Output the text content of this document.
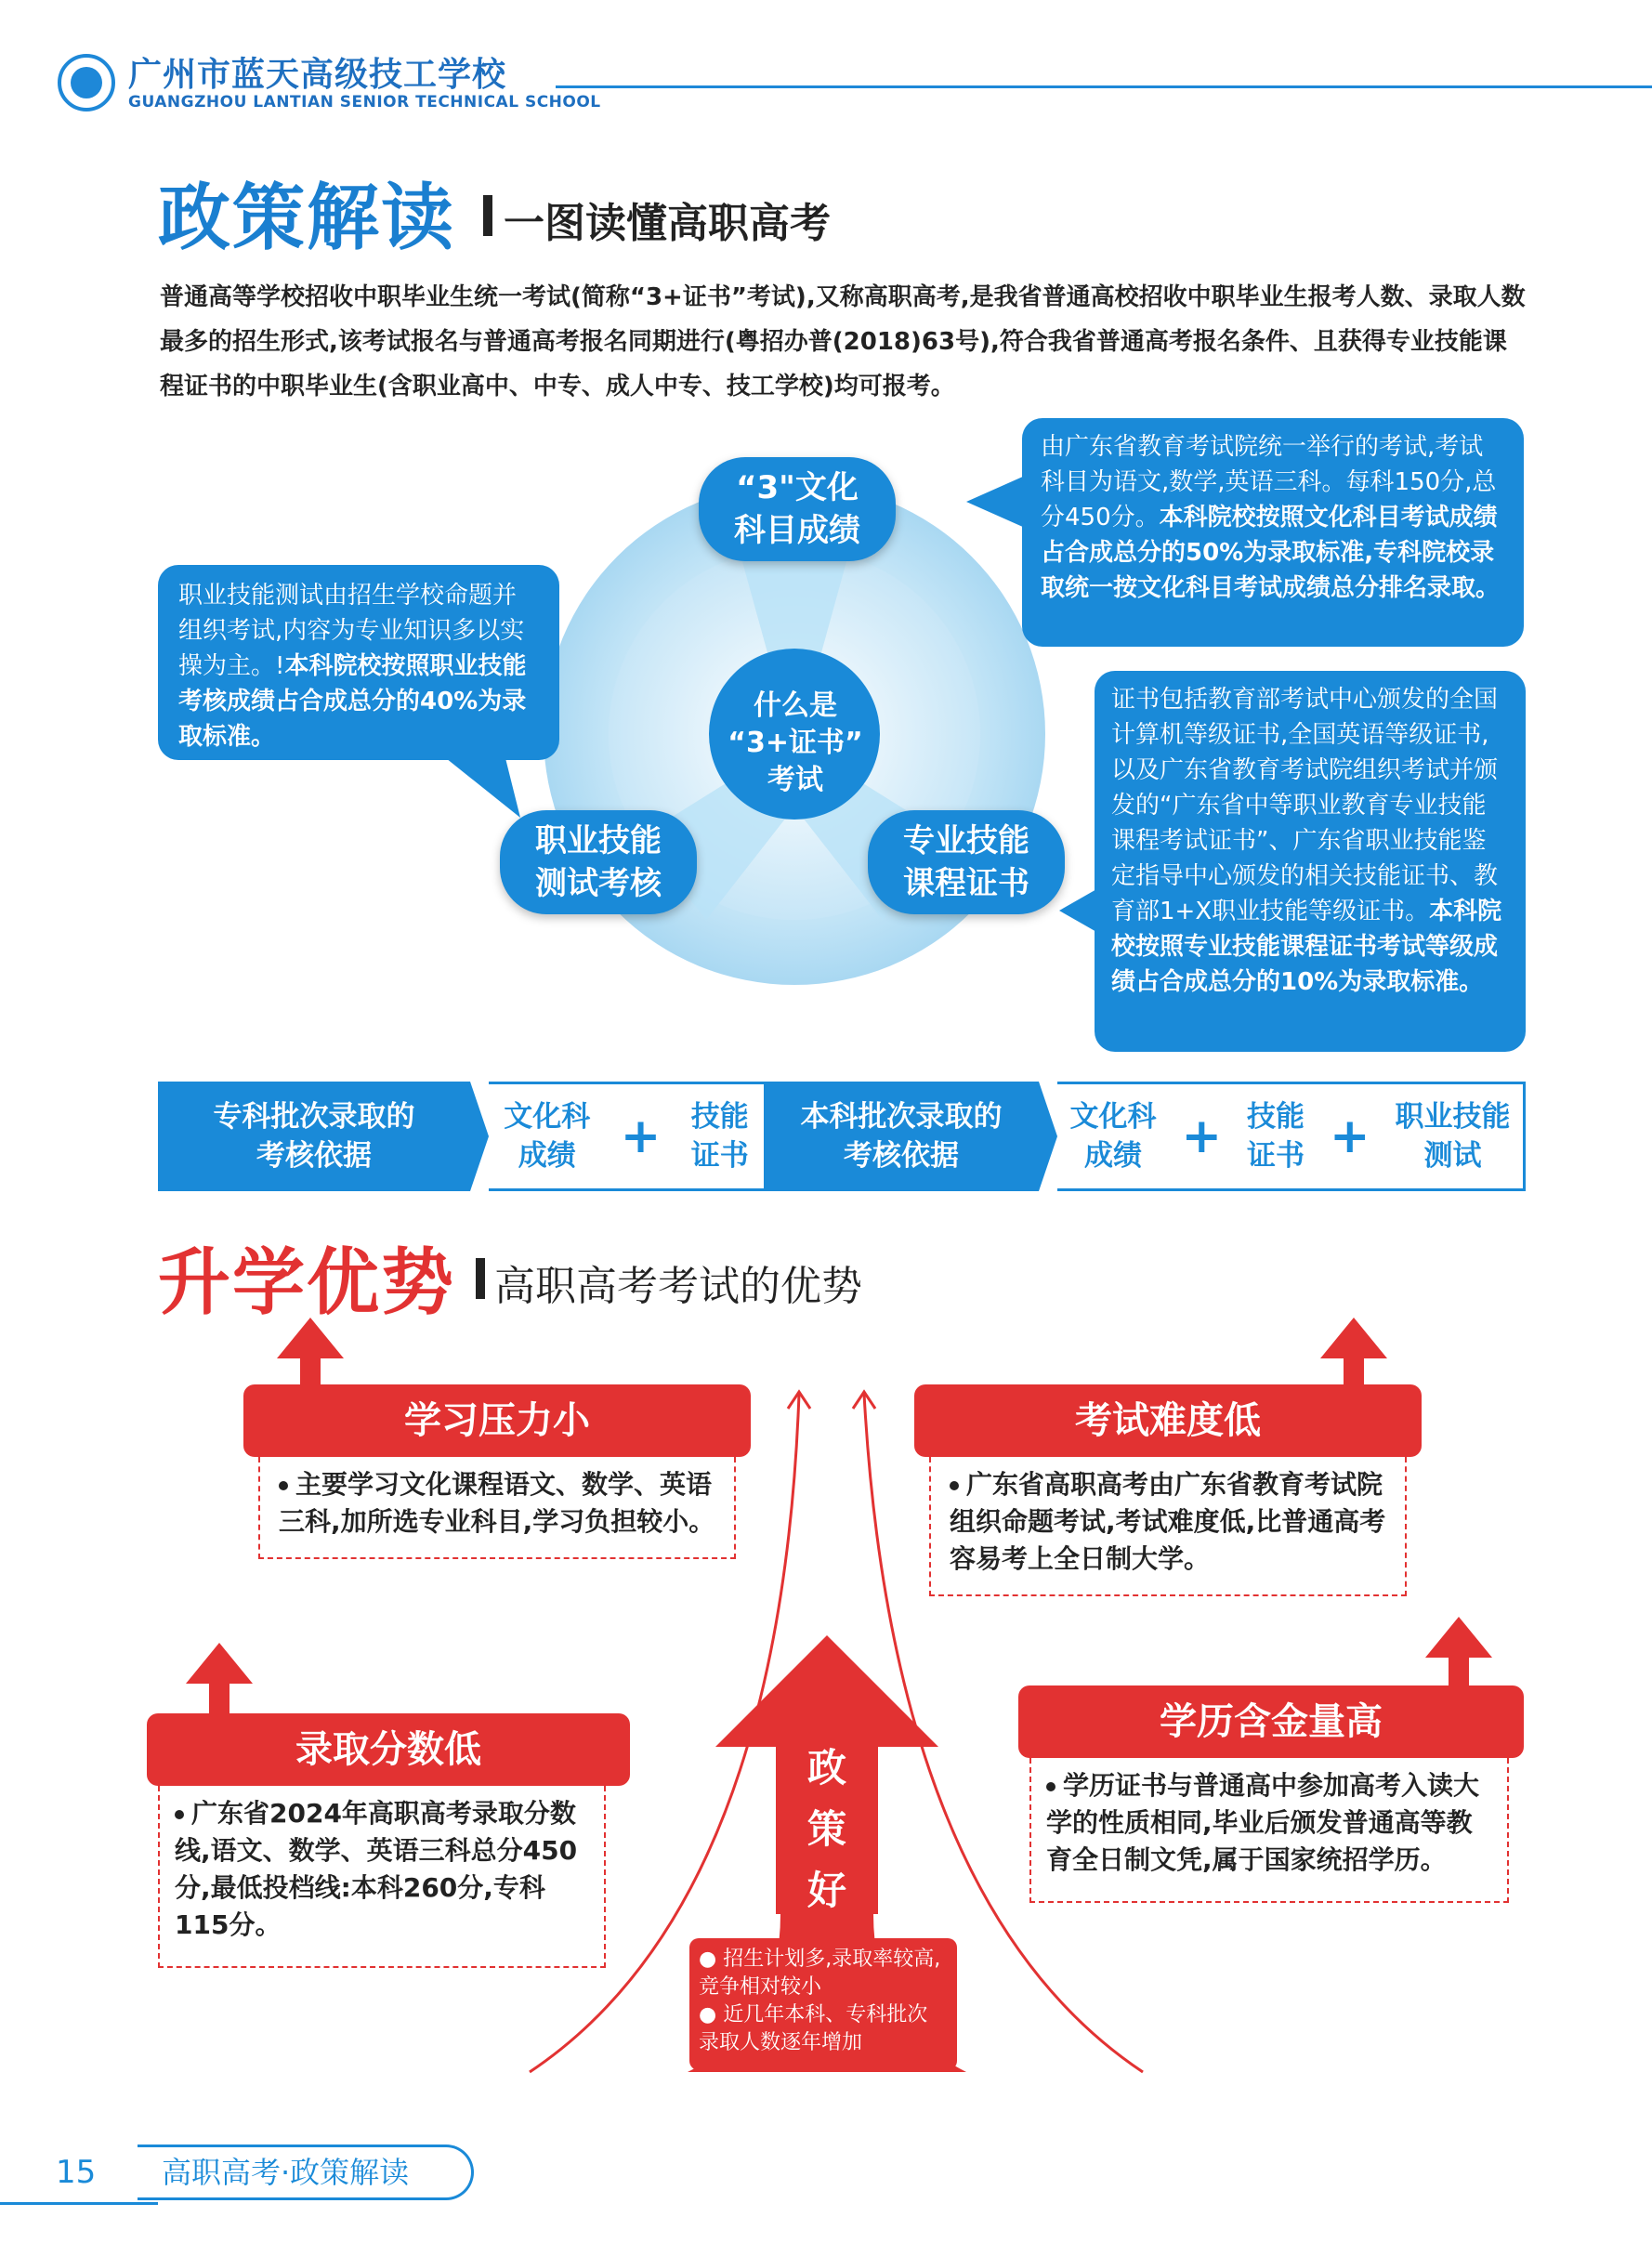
广州市蓝天高级技工学校
GUANGZHOU LANTIAN SENIOR TECHNICAL SCHOOL
政策解读 一图读懂高职高考
普通高等学校招收中职毕业生统一考试(简称“3+证书”考试),又称高职高考,是我省普通高校招收中职毕业生报考人数、录取人数最多的招生形式,该考试报名与普通高考报名同期进行(粤招办普(2018)63号),符合我省普通高考报名条件、且获得专业技能课程证书的中职毕业生(含职业高中、中专、成人中专、技工学校)均可报考。
什么是
“3+证书”
考试
“3"文化
科目成绩
职业技能
测试考核
专业技能
课程证书
由广东省教育考试院统一举行的考试,考试科目为语文,数学,英语三科。每科150分,总分450分。本科院校按照文化科目考试成绩占合成总分的50%为录取标准,专科院校录取统一按文化科目考试成绩总分排名录取。
职业技能测试由招生学校命题并组织考试,内容为专业知识多以实操为主。!本科院校按照职业技能考核成绩占合成总分的40%为录取标准。
证书包括教育部考试中心颁发的全国计算机等级证书,全国英语等级证书,以及广东省教育考试院组织考试并颁发的“广东省中等职业教育专业技能课程考试证书”、广东省职业技能鉴定指导中心颁发的相关技能证书、教育部1+X职业技能等级证书。本科院校按照专业技能课程证书考试等级成绩占合成总分的10%为录取标准。
专科批次录取的
考核依据
文化科
成绩 + 技能
证书
本科批次录取的
考核依据
文化科
成绩 + 技能
证书 + 职业技能
测试
升学优势 高职高考考试的优势
政
策
好
● 招生计划多,录取率较高,竞争相对较小
● 近几年本科、专科批次录取人数逐年增加
学习压力小
主要学习文化课程语文、数学、英语三科,加所选专业科目,学习负担较小。
考试难度低
广东省高职高考由广东省教育考试院组织命题考试,考试难度低,比普通高考容易考上全日制大学。
录取分数低
广东省2024年高职高考录取分数线,语文、数学、英语三科总分450分,最低投档线:本科260分,专科115分。
学历含金量高
学历证书与普通高中参加高考入读大学的性质相同,毕业后颁发普通高等教育全日制文凭,属于国家统招学历。
15	高职高考·政策解读
